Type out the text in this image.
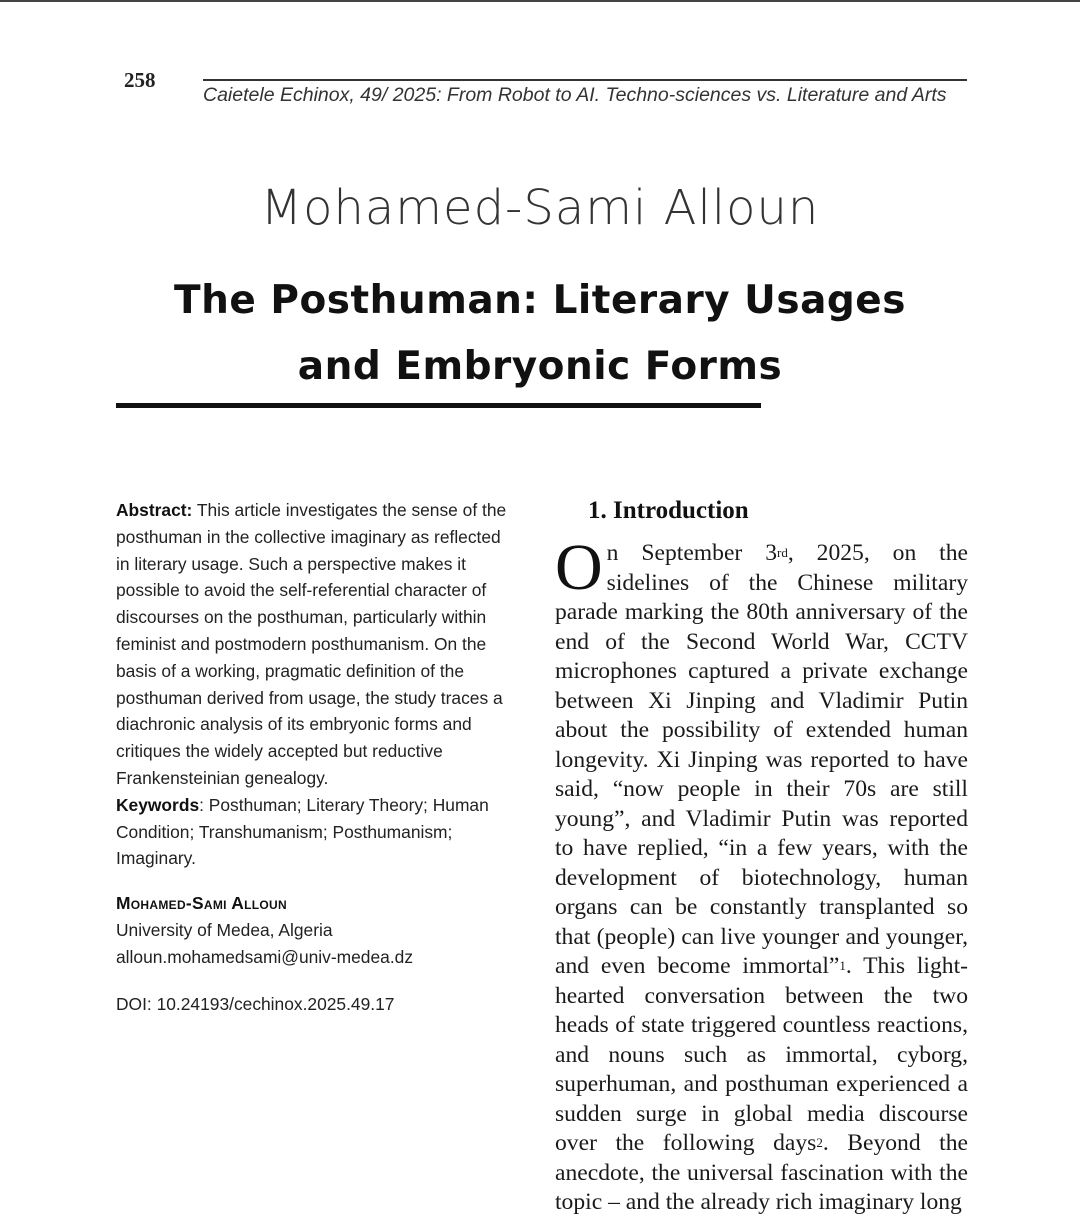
258
Caietele Echinox, 49/ 2025: From Robot to AI. Techno-sciences vs. Literature and Arts
Mohamed-Sami Alloun
The Posthuman: Literary Usages
and Embryonic Forms

Abstract: This article investigates the sense of the posthuman in the collective imaginary as reflected in literary usage. Such a perspective makes it possible to avoid the self-referential character of discourses on the posthuman, particularly within feminist and postmodern posthumanism. On the basis of a working, pragmatic definition of the posthuman derived from usage, the study traces a diachronic analysis of its embryonic forms and critiques the widely accepted but reductive Frankensteinian genealogy.

Keywords: Posthuman; Literary Theory; Human Condition; Transhumanism; Posthumanism; Imaginary.

Mohamed-Sami Alloun
University of Medea, Algeria
alloun.mohamedsami@univ-medea.dz
DOI: 10.24193/cechinox.2025.49.17
1. Introduction

On September 3rd, 2025, on the sidelines of the Chinese military parade marking the 80th anniversary of the end of the Second World War, CCTV microphones captured a private exchange between Xi Jinping and Vladimir Putin about the possibility of extended human longevity. Xi Jinping was reported to have said, “now people in their 70s are still young”, and Vladimir Putin was reported to have replied, “in a few years, with the development of biotechnology, human organs can be constantly transplanted so that (people) can live younger and younger, and even become immortal”$^1$. This light-hearted conversation between the two heads of state triggered countless reactions, and nouns such as immortal, cyborg, superhuman, and posthuman experienced a sudden surge in global media discourse over the following days$^2$. Beyond the anecdote, the universal fascination with the topic – and the already rich imaginary long
